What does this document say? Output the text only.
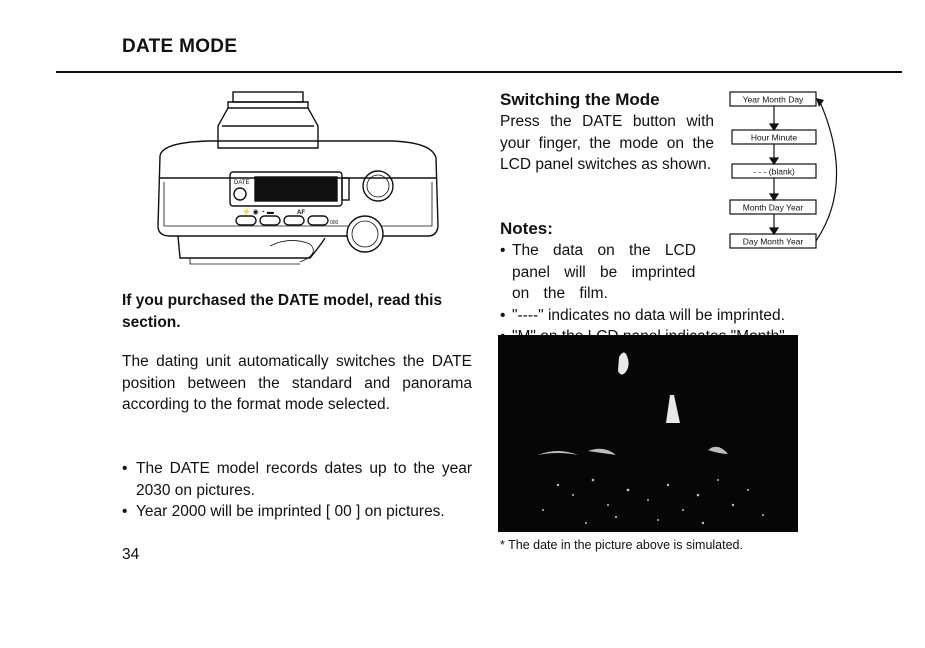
DATE MODE
DATE
AF
000
⚡ ◉ ◔ ▬
If you purchased the DATE model, read this section.
The dating unit automatically switches the DATE position between the standard and panorama according to the format mode selected.
• The DATE model records dates up to the year 2030 on pictures.
• Year 2000 will be imprinted [ 00 ] on pictures.
34
Switching the Mode
Press the DATE button with your finger, the mode on the LCD panel switches as shown.
Year Month Day
Hour Minute
- - - (blank)
Month Day Year
Day Month Year
Notes:
• The data on the LCD panel will be imprinted on the film.
• "----" indicates no data will be imprinted.
•
* The date in the picture above is simulated.
